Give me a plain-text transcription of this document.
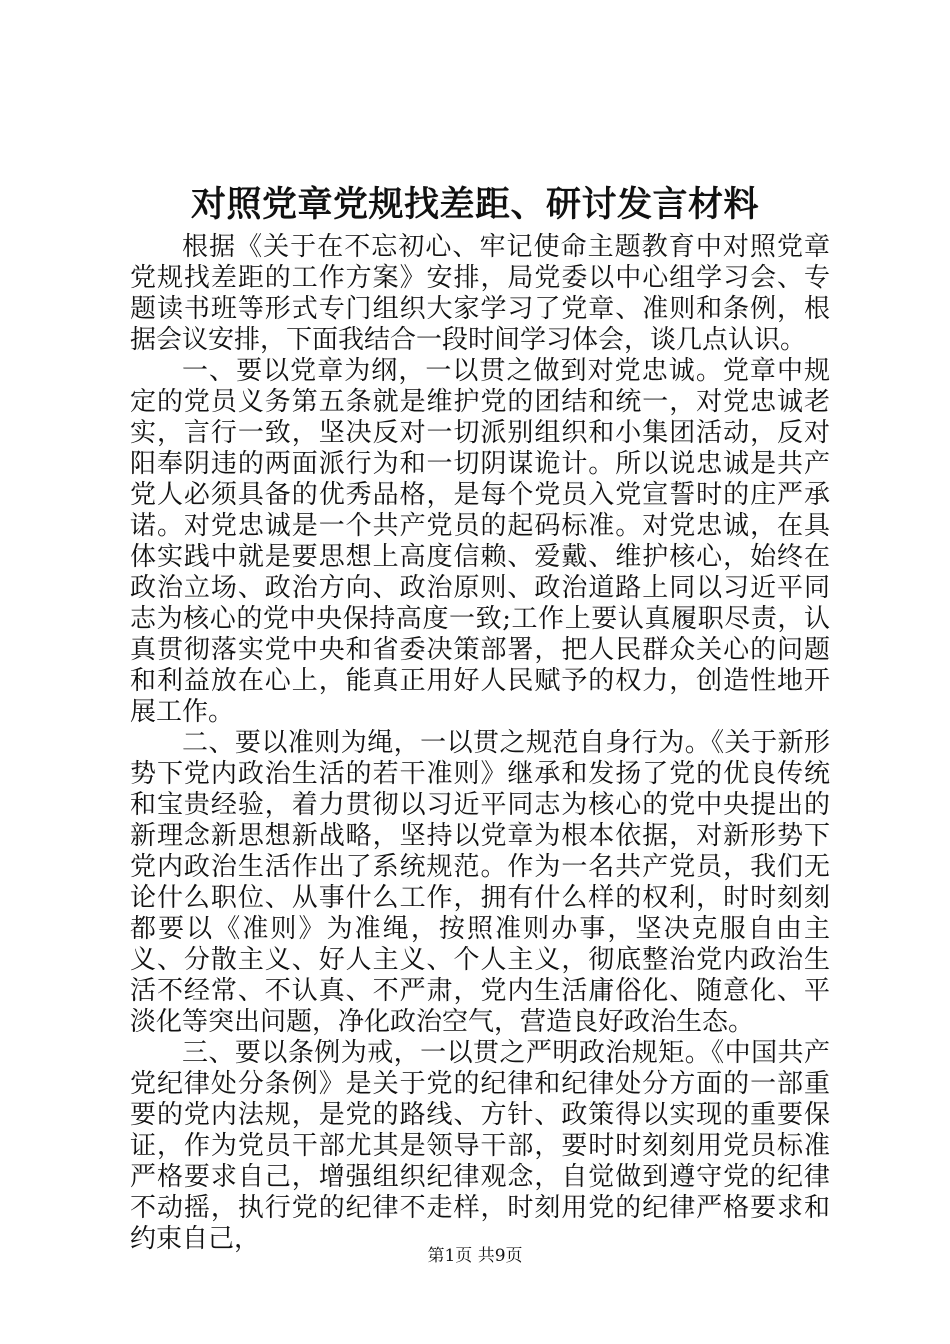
对照党章党规找差距、研讨发言材料

根据《关于在不忘初心、牢记使命主题教育中对照党章党规找差距的工作方案》安排，局党委以中心组学习会、专题读书班等形式专门组织大家学习了党章、准则和条例，根据会议安排，下面我结合一段时间学习体会，谈几点认识。

一、要以党章为纲，一以贯之做到对党忠诚。党章中规定的党员义务第五条就是维护党的团结和统一，对党忠诚老实，言行一致，坚决反对一切派别组织和小集团活动，反对阳奉阴违的两面派行为和一切阴谋诡计。所以说忠诚是共产党人必须具备的优秀品格，是每个党员入党宣誓时的庄严承诺。对党忠诚是一个共产党员的起码标准。对党忠诚，在具体实践中就是要思想上高度信赖、爱戴、维护核心，始终在政治立场、政治方向、政治原则、政治道路上同以习近平同志为核心的党中央保持高度一致;工作上要认真履职尽责，认真贯彻落实党中央和省委决策部署，把人民群众关心的问题和利益放在心上，能真正用好人民赋予的权力，创造性地开展工作。

二、要以准则为绳，一以贯之规范自身行为。《关于新形势下党内政治生活的若干准则》继承和发扬了党的优良传统和宝贵经验，着力贯彻以习近平同志为核心的党中央提出的新理念新思想新战略，坚持以党章为根本依据，对新形势下党内政治生活作出了系统规范。作为一名共产党员，我们无论什么职位、从事什么工作，拥有什么样的权利，时时刻刻都要以《准则》为准绳，按照准则办事，坚决克服自由主义、分散主义、好人主义、个人主义，彻底整治党内政治生活不经常、不认真、不严肃，党内生活庸俗化、随意化、平淡化等突出问题，净化政治空气，营造良好政治生态。

三、要以条例为戒，一以贯之严明政治规矩。《中国共产党纪律处分条例》是关于党的纪律和纪律处分方面的一部重要的党内法规，是党的路线、方针、政策得以实现的重要保证，作为党员干部尤其是领导干部，要时时刻刻用党员标准严格要求自己，增强组织纪律观念，自觉做到遵守党的纪律不动摇，执行党的纪律不走样，时刻用党的纪律严格要求和约束自己，

第1页 共9页
